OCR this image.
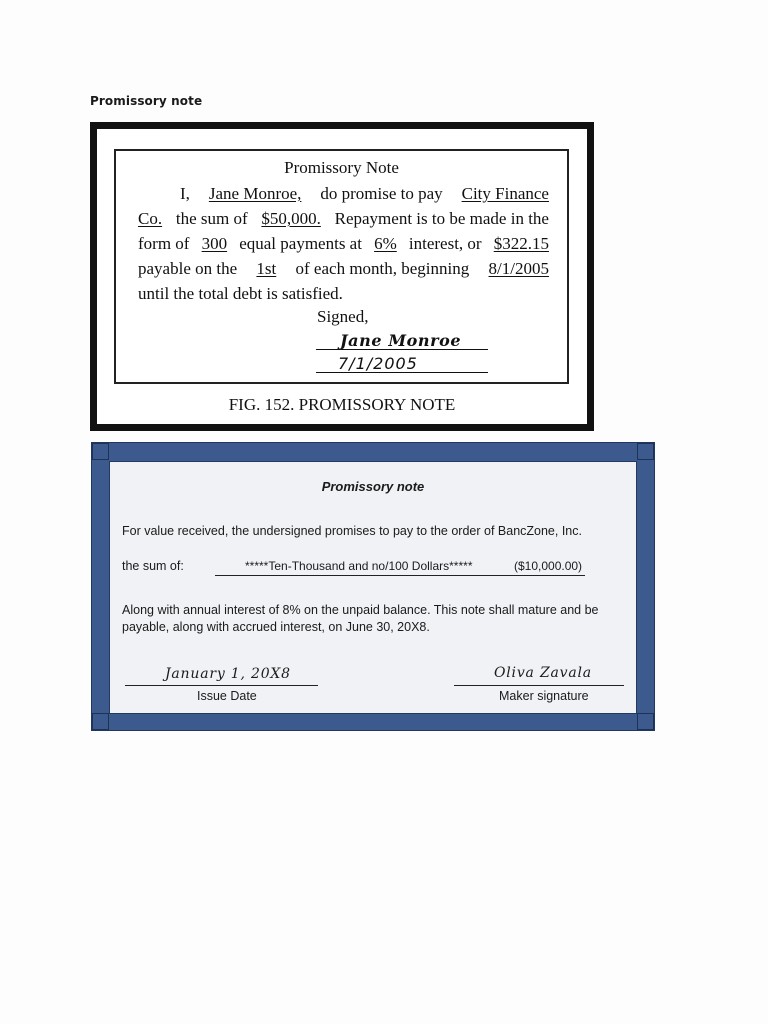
Promissory note
Promissory Note
I, Jane Monroe, do promise to pay City Finance
Co. the sum of $50,000. Repayment is to be made in the
form of 300 equal payments at 6% interest, or $322.15
payable on the 1st of each month, beginning 8/1/2005
until the total debt is satisfied.
Signed,
Jane Monroe
7/1/2005
FIG. 152. PROMISSORY NOTE
Promissory note
For value received, the undersigned promises to pay to the order of BancZone, Inc.
the sum of:	*****Ten-Thousand and no/100 Dollars*****	($10,000.00)
Along with annual interest of 8% on the unpaid balance. This note shall mature and be payable, along with accrued interest, on June 30, 20X8.
January 1, 20X8
Issue Date
Oliva Zavala
Maker signature
